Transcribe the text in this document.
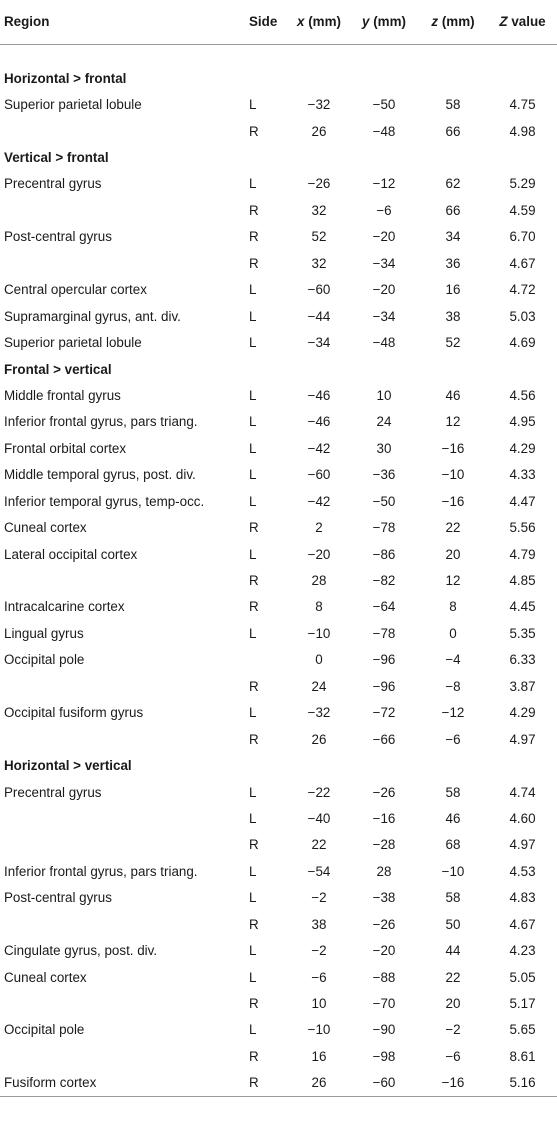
Region	Side	x (mm)	y (mm)	z (mm)	Z value

Horizontal > frontal					
Superior parietal lobule	L	−32	−50	58	4.75
	R	26	−48	66	4.98
Vertical > frontal					
Precentral gyrus	L	−26	−12	62	5.29
	R	32	−6	66	4.59
Post-central gyrus	R	52	−20	34	6.70
	R	32	−34	36	4.67
Central opercular cortex	L	−60	−20	16	4.72
Supramarginal gyrus, ant. div.	L	−44	−34	38	5.03
Superior parietal lobule	L	−34	−48	52	4.69
Frontal > vertical					
Middle frontal gyrus	L	−46	10	46	4.56
Inferior frontal gyrus, pars triang.	L	−46	24	12	4.95
Frontal orbital cortex	L	−42	30	−16	4.29
Middle temporal gyrus, post. div.	L	−60	−36	−10	4.33
Inferior temporal gyrus, temp-occ.	L	−42	−50	−16	4.47
Cuneal cortex	R	2	−78	22	5.56
Lateral occipital cortex	L	−20	−86	20	4.79
	R	28	−82	12	4.85
Intracalcarine cortex	R	8	−64	8	4.45
Lingual gyrus	L	−10	−78	0	5.35
Occipital pole		0	−96	−4	6.33
	R	24	−96	−8	3.87
Occipital fusiform gyrus	L	−32	−72	−12	4.29
	R	26	−66	−6	4.97
Horizontal > vertical					
Precentral gyrus	L	−22	−26	58	4.74
	L	−40	−16	46	4.60
	R	22	−28	68	4.97
Inferior frontal gyrus, pars triang.	L	−54	28	−10	4.53
Post-central gyrus	L	−2	−38	58	4.83
	R	38	−26	50	4.67
Cingulate gyrus, post. div.	L	−2	−20	44	4.23
Cuneal cortex	L	−6	−88	22	5.05
	R	10	−70	20	5.17
Occipital pole	L	−10	−90	−2	5.65
	R	16	−98	−6	8.61
Fusiform cortex	R	26	−60	−16	5.16
